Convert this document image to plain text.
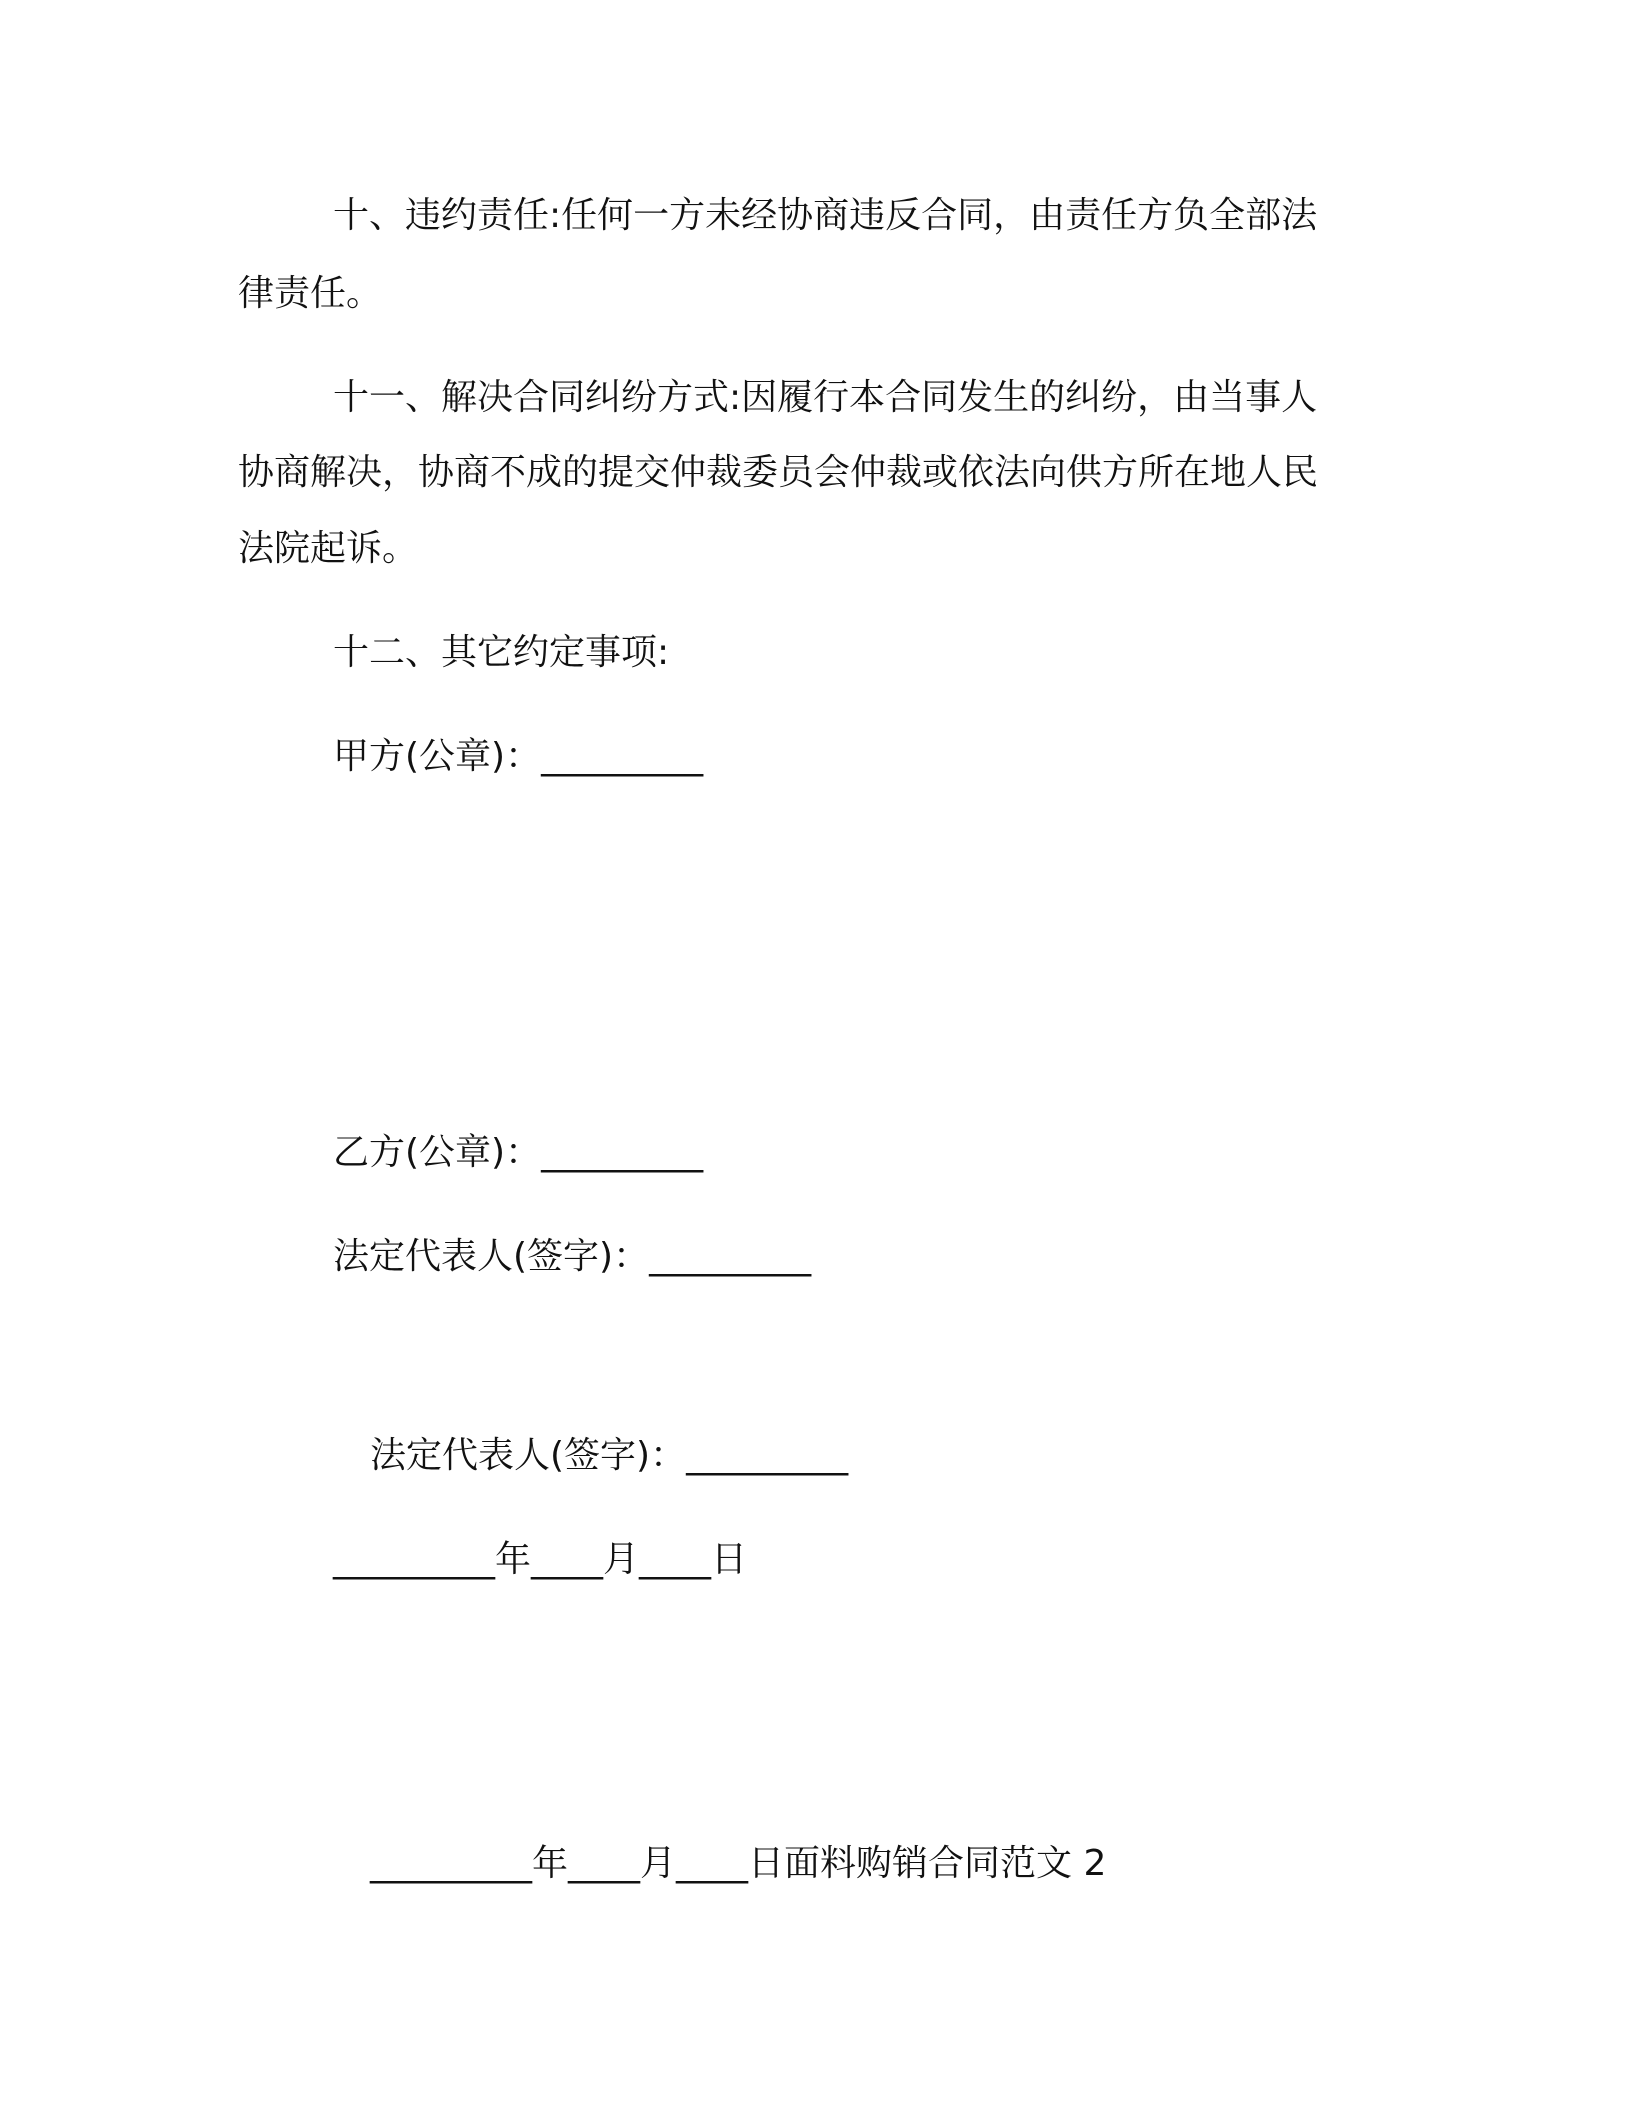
十、违约责任:任何一方未经协商违反合同，由责任方负全部法

律责任。

十一、解决合同纠纷方式:因履行本合同发生的纠纷，由当事人

协商解决，协商不成的提交仲裁委员会仲裁或依法向供方所在地人民

法院起诉。

十二、其它约定事项:

甲方(公章)：_________

乙方(公章)：_________

法定代表人(签字)：_________

法定代表人(签字)：_________

_________年____月____日

_________年____月____日面料购销合同范文 2
